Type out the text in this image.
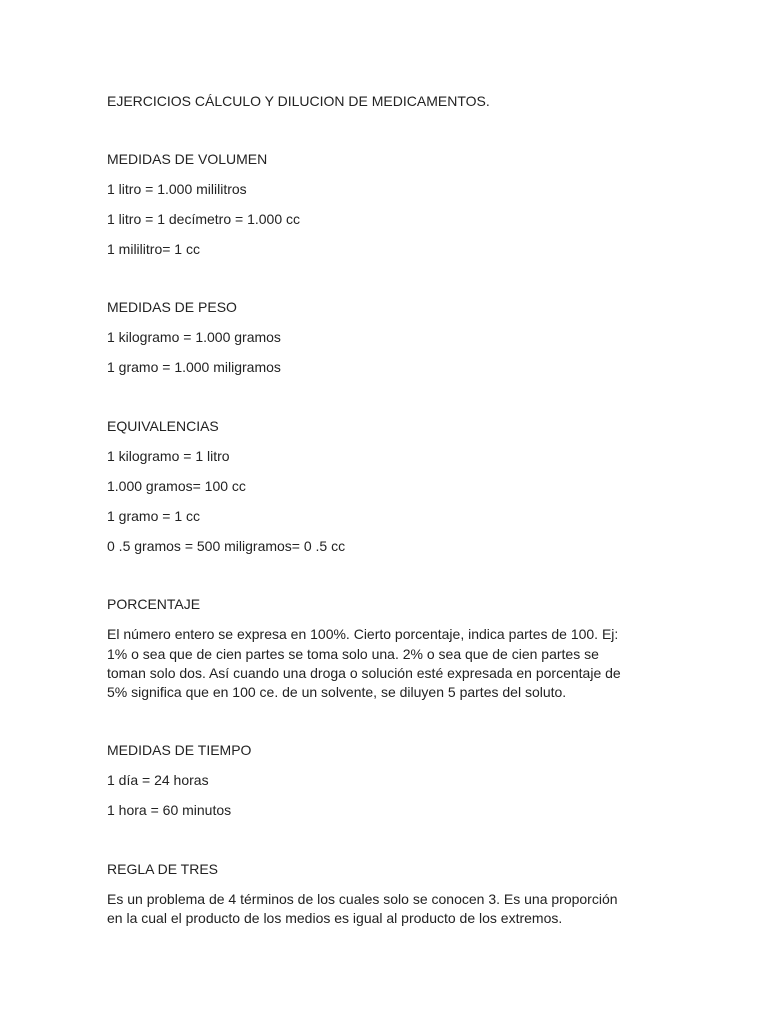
EJERCICIOS CÁLCULO Y DILUCION DE MEDICAMENTOS.
MEDIDAS DE VOLUMEN
1 litro = 1.000 mililitros
1 litro = 1 decímetro = 1.000 cc
1 mililitro= 1 cc
MEDIDAS DE PESO
1 kilogramo = 1.000 gramos
1 gramo = 1.000 miligramos
EQUIVALENCIAS
1 kilogramo = 1 litro
1.000 gramos= 100 cc
1 gramo = 1 cc
0 .5 gramos = 500 miligramos= 0 .5 cc
PORCENTAJE
El número entero se expresa en 100%. Cierto porcentaje, indica partes de 100. Ej:
1% o sea que de cien partes se toma solo una. 2% o sea que de cien partes se
toman solo dos. Así cuando una droga o solución esté expresada en porcentaje de
5% significa que en 100 ce. de un solvente, se diluyen 5 partes del soluto.
MEDIDAS DE TIEMPO
1 día = 24 horas
1 hora = 60 minutos
REGLA DE TRES
Es un problema de 4 términos de los cuales solo se conocen 3. Es una proporción
en la cual el producto de los medios es igual al producto de los extremos.
